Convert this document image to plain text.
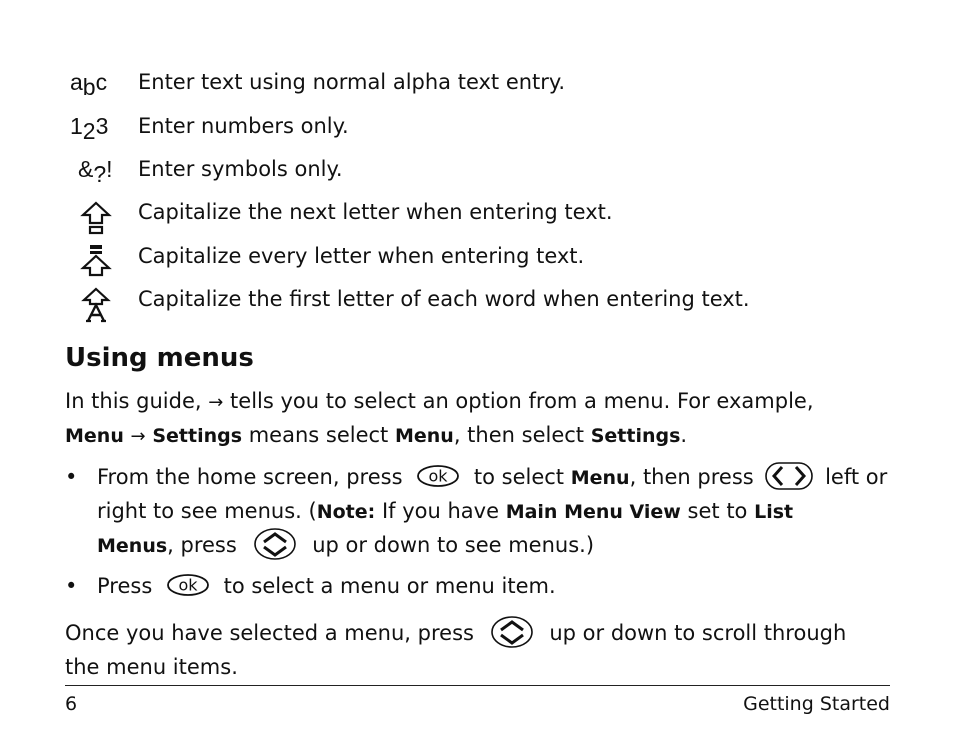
abc	Enter text using normal alpha text entry.
123	Enter numbers only.
&?!	Enter symbols only.
Capitalize the next letter when entering text.
Capitalize every letter when entering text.
Capitalize the first letter of each word when entering text.
Using menus
In this guide, → tells you to select an option from a menu. For example,
Menu → Settings means select Menu, then select Settings.
• From the home screen, press ok to select Menu, then press	left or
right to see menus. (Note: If you have Main Menu View set to List
Menus, press	up or down to see menus.)
• Press ok to select a menu or menu item.
Once you have selected a menu, press	up or down to scroll through
the menu items.
6	Getting Started
